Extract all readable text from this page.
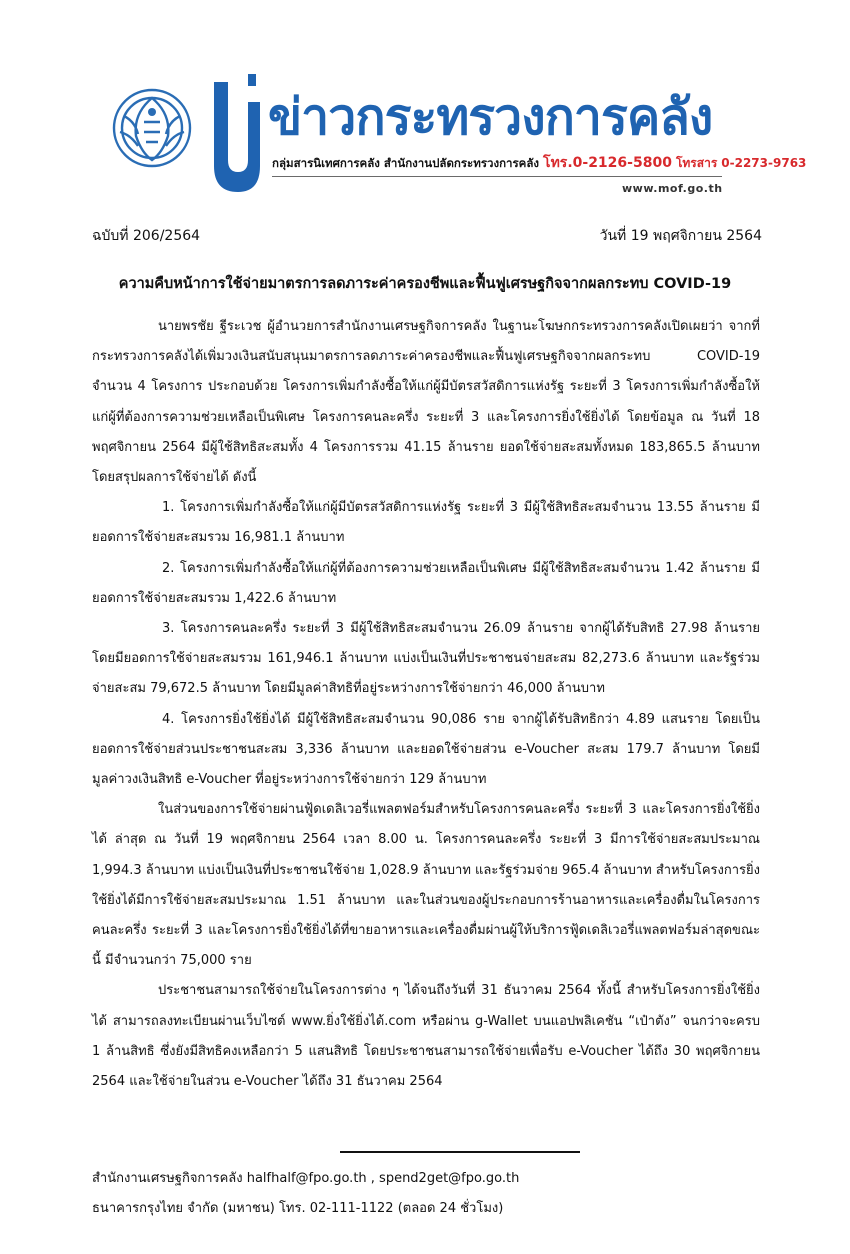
ข่าวกระทรวงการคลัง
กลุ่มสารนิเทศการคลัง สำนักงานปลัดกระทรวงการคลัง โทร.0-2126-5800 โทรสาร 0-2273-9763
www.mof.go.th
ฉบับที่ 206/2564	วันที่ 19 พฤศจิกายน 2564
ความคืบหน้าการใช้จ่ายมาตรการลดภาระค่าครองชีพและฟื้นฟูเศรษฐกิจจากผลกระทบ COVID-19

นายพรชัย ฐีระเวช ผู้อำนวยการสำนักงานเศรษฐกิจการคลัง ในฐานะโฆษกกระทรวงการคลังเปิดเผยว่า จากที่กระทรวงการคลังได้เพิ่มวงเงินสนับสนุนมาตรการลดภาระค่าครองชีพและฟื้นฟูเศรษฐกิจจากผลกระทบ COVID-19 จำนวน 4 โครงการ ประกอบด้วย โครงการเพิ่มกำลังซื้อให้แก่ผู้มีบัตรสวัสดิการแห่งรัฐ ระยะที่ 3 โครงการเพิ่มกำลังซื้อให้แก่ผู้ที่ต้องการความช่วยเหลือเป็นพิเศษ โครงการคนละครึ่ง ระยะที่ 3 และโครงการยิ่งใช้ยิ่งได้ โดยข้อมูล ณ วันที่ 18 พฤศจิกายน 2564 มีผู้ใช้สิทธิสะสมทั้ง 4 โครงการรวม 41.15 ล้านราย ยอดใช้จ่ายสะสมทั้งหมด 183,865.5 ล้านบาท โดยสรุปผลการใช้จ่ายได้ ดังนี้

1. โครงการเพิ่มกำลังซื้อให้แก่ผู้มีบัตรสวัสดิการแห่งรัฐ ระยะที่ 3 มีผู้ใช้สิทธิสะสมจำนวน 13.55 ล้านราย มียอดการใช้จ่ายสะสมรวม 16,981.1 ล้านบาท

2. โครงการเพิ่มกำลังซื้อให้แก่ผู้ที่ต้องการความช่วยเหลือเป็นพิเศษ มีผู้ใช้สิทธิสะสมจำนวน 1.42 ล้านราย มียอดการใช้จ่ายสะสมรวม 1,422.6 ล้านบาท

3. โครงการคนละครึ่ง ระยะที่ 3 มีผู้ใช้สิทธิสะสมจำนวน 26.09 ล้านราย จากผู้ได้รับสิทธิ 27.98 ล้านราย โดยมียอดการใช้จ่ายสะสมรวม 161,946.1 ล้านบาท แบ่งเป็นเงินที่ประชาชนจ่ายสะสม 82,273.6 ล้านบาท และรัฐร่วมจ่ายสะสม 79,672.5 ล้านบาท โดยมีมูลค่าสิทธิที่อยู่ระหว่างการใช้จ่ายกว่า 46,000 ล้านบาท

4. โครงการยิ่งใช้ยิ่งได้ มีผู้ใช้สิทธิสะสมจำนวน 90,086 ราย จากผู้ได้รับสิทธิกว่า 4.89 แสนราย โดยเป็นยอดการใช้จ่ายส่วนประชาชนสะสม 3,336 ล้านบาท และยอดใช้จ่ายส่วน e-Voucher สะสม 179.7 ล้านบาท โดยมีมูลค่าวงเงินสิทธิ e-Voucher ที่อยู่ระหว่างการใช้จ่ายกว่า 129 ล้านบาท

ในส่วนของการใช้จ่ายผ่านฟู้ดเดลิเวอรี่แพลตฟอร์มสำหรับโครงการคนละครึ่ง ระยะที่ 3 และโครงการยิ่งใช้ยิ่งได้ ล่าสุด ณ วันที่ 19 พฤศจิกายน 2564 เวลา 8.00 น. โครงการคนละครึ่ง ระยะที่ 3 มีการใช้จ่ายสะสมประมาณ 1,994.3 ล้านบาท แบ่งเป็นเงินที่ประชาชนใช้จ่าย 1,028.9 ล้านบาท และรัฐร่วมจ่าย 965.4 ล้านบาท สำหรับโครงการยิ่งใช้ยิ่งได้มีการใช้จ่ายสะสมประมาณ 1.51 ล้านบาท และในส่วนของผู้ประกอบการร้านอาหารและเครื่องดื่มในโครงการคนละครึ่ง ระยะที่ 3 และโครงการยิ่งใช้ยิ่งได้ที่ขายอาหารและเครื่องดื่มผ่านผู้ให้บริการฟู้ดเดลิเวอรี่แพลตฟอร์มล่าสุดขณะนี้ มีจำนวนกว่า 75,000 ราย

ประชาชนสามารถใช้จ่ายในโครงการต่าง ๆ ได้จนถึงวันที่ 31 ธันวาคม 2564 ทั้งนี้ สำหรับโครงการยิ่งใช้ยิ่งได้ สามารถลงทะเบียนผ่านเว็บไซต์ www.ยิ่งใช้ยิ่งได้.com หรือผ่าน g-Wallet บนแอปพลิเคชัน “เป๋าตัง” จนกว่าจะครบ 1 ล้านสิทธิ ซึ่งยังมีสิทธิคงเหลือกว่า 5 แสนสิทธิ โดยประชาชนสามารถใช้จ่ายเพื่อรับ e-Voucher ได้ถึง 30 พฤศจิกายน 2564 และใช้จ่ายในส่วน e-Voucher ได้ถึง 31 ธันวาคม 2564

สำนักงานเศรษฐกิจการคลัง halfhalf@fpo.go.th , spend2get@fpo.go.th
ธนาคารกรุงไทย จำกัด (มหาชน) โทร. 02-111-1122 (ตลอด 24 ชั่วโมง)
